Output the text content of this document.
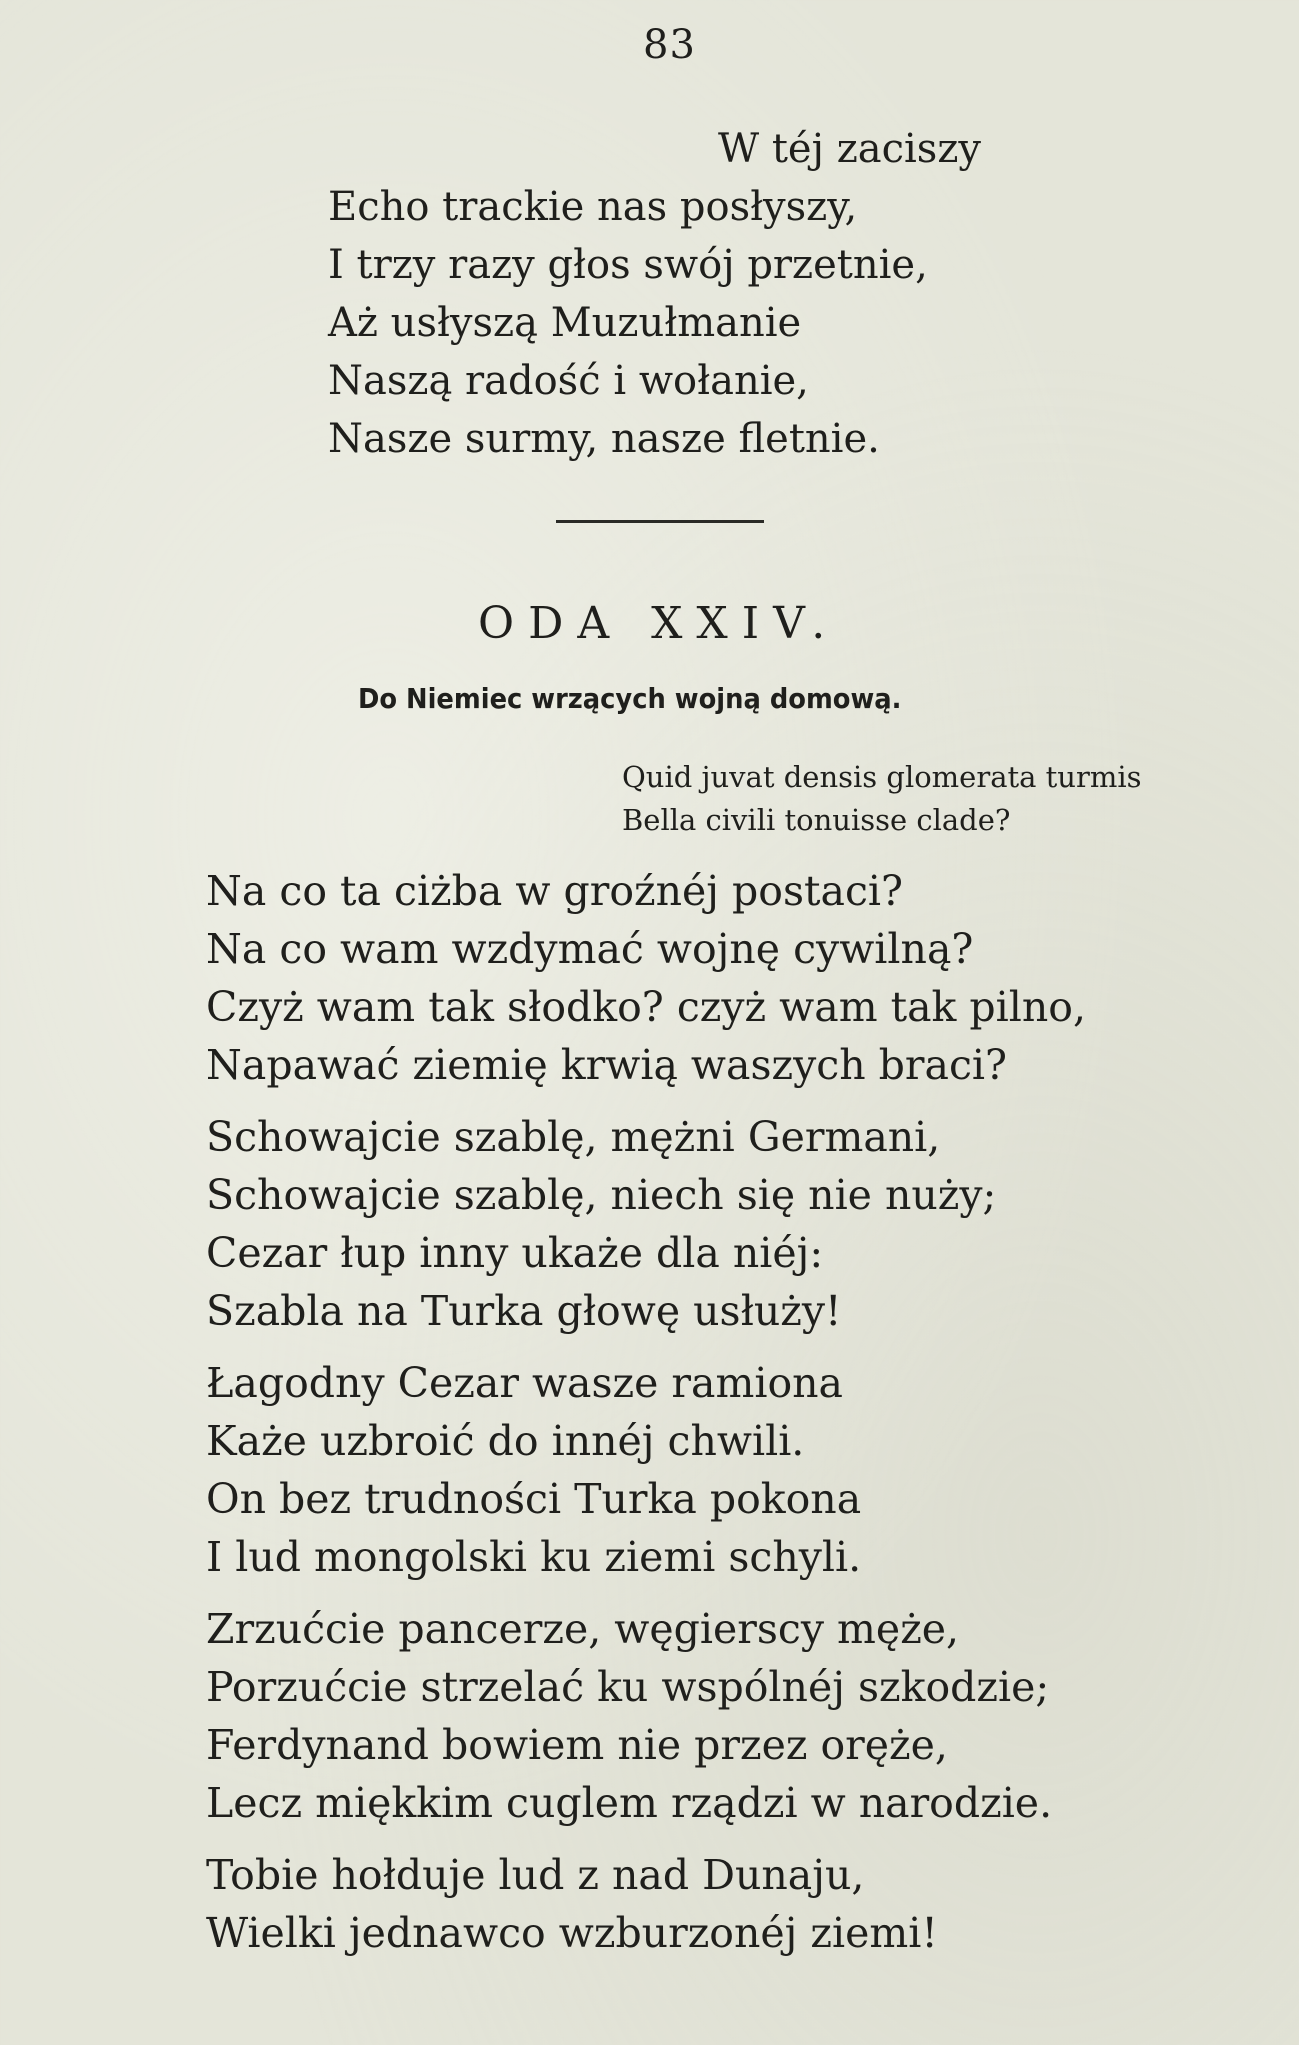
83
W téj zaciszy
Echo trackie nas posłyszy,
I trzy razy głos swój przetnie,
Aż usłyszą Muzułmanie
Naszą radość i wołanie,
Nasze surmy, nasze fletnie.
ODA XXIV.
Do Niemiec wrzących wojną domową.
Quid juvat densis glomerata turmis
Bella civili tonuisse clade?
Na co ta ciżba w groźnéj postaci?
Na co wam wzdymać wojnę cywilną?
Czyż wam tak słodko? czyż wam tak pilno,
Napawać ziemię krwią waszych braci?
Schowajcie szablę, mężni Germani,
Schowajcie szablę, niech się nie nuży;
Cezar łup inny ukaże dla niéj:
Szabla na Turka głowę usłuży!
Łagodny Cezar wasze ramiona
Każe uzbroić do innéj chwili.
On bez trudności Turka pokona
I lud mongolski ku ziemi schyli.
Zrzućcie pancerze, węgierscy męże,
Porzućcie strzelać ku wspólnéj szkodzie;
Ferdynand bowiem nie przez oręże,
Lecz miękkim cuglem rządzi w narodzie.
Tobie hołduje lud z nad Dunaju,
Wielki jednawco wzburzonéj ziemi!
